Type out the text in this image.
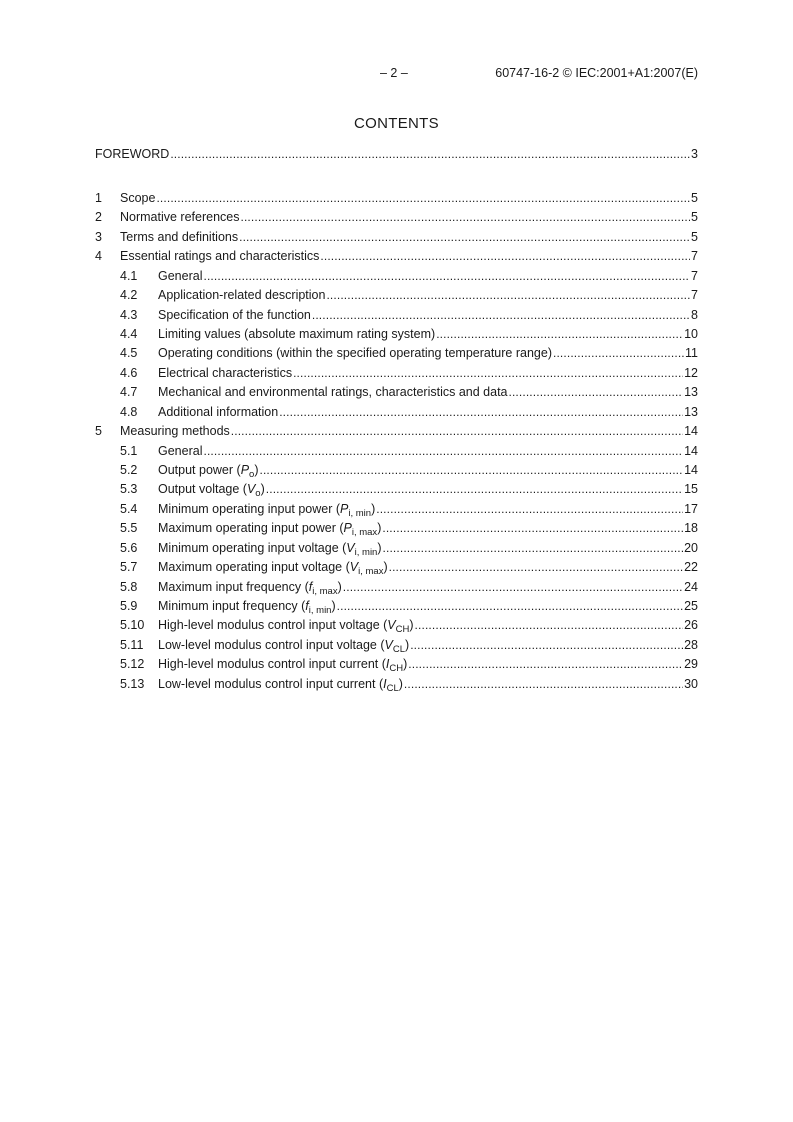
– 2 –	60747-16-2 © IEC:2001+A1:2007(E)
CONTENTS
FOREWORD . . .	3
1	Scope . . .	5
2	Normative references . . .	5
3	Terms and definitions . . .	5
4	Essential ratings and characteristics . . .	7
4.1	General . . .	7
4.2	Application-related description . . .	7
4.3	Specification of the function . . .	8
4.4	Limiting values (absolute maximum rating system) . . .	10
4.5	Operating conditions (within the specified operating temperature range) . . .	11
4.6	Electrical characteristics . . .	12
4.7	Mechanical and environmental ratings, characteristics and data . . .	13
4.8	Additional information . . .	13
5	Measuring methods . . .	14
5.1	General . . .	14
5.2	Output power $(P_o)$ . . .	14
5.3	Output voltage $(V_o)$ . . .	15
5.4	Minimum operating input power $(P_{i, min})$ . . .	17
5.5	Maximum operating input power $(P_{i, max})$ . . .	18
5.6	Minimum operating input voltage $(V_{i, min})$ . . .	20
5.7	Maximum operating input voltage $(V_{i, max})$ . . .	22
5.8	Maximum input frequency $(f_{i, max})$ . . .	24
5.9	Minimum input frequency $(f_{i, min})$ . . .	25
5.10	High-level modulus control input voltage $(V_{CH})$ . . .	26
5.11	Low-level modulus control input voltage $(V_{CL})$ . . .	28
5.12	High-level modulus control input current $(I_{CH})$ . . .	29
5.13	Low-level modulus control input current $(I_{CL})$ . . .	30
